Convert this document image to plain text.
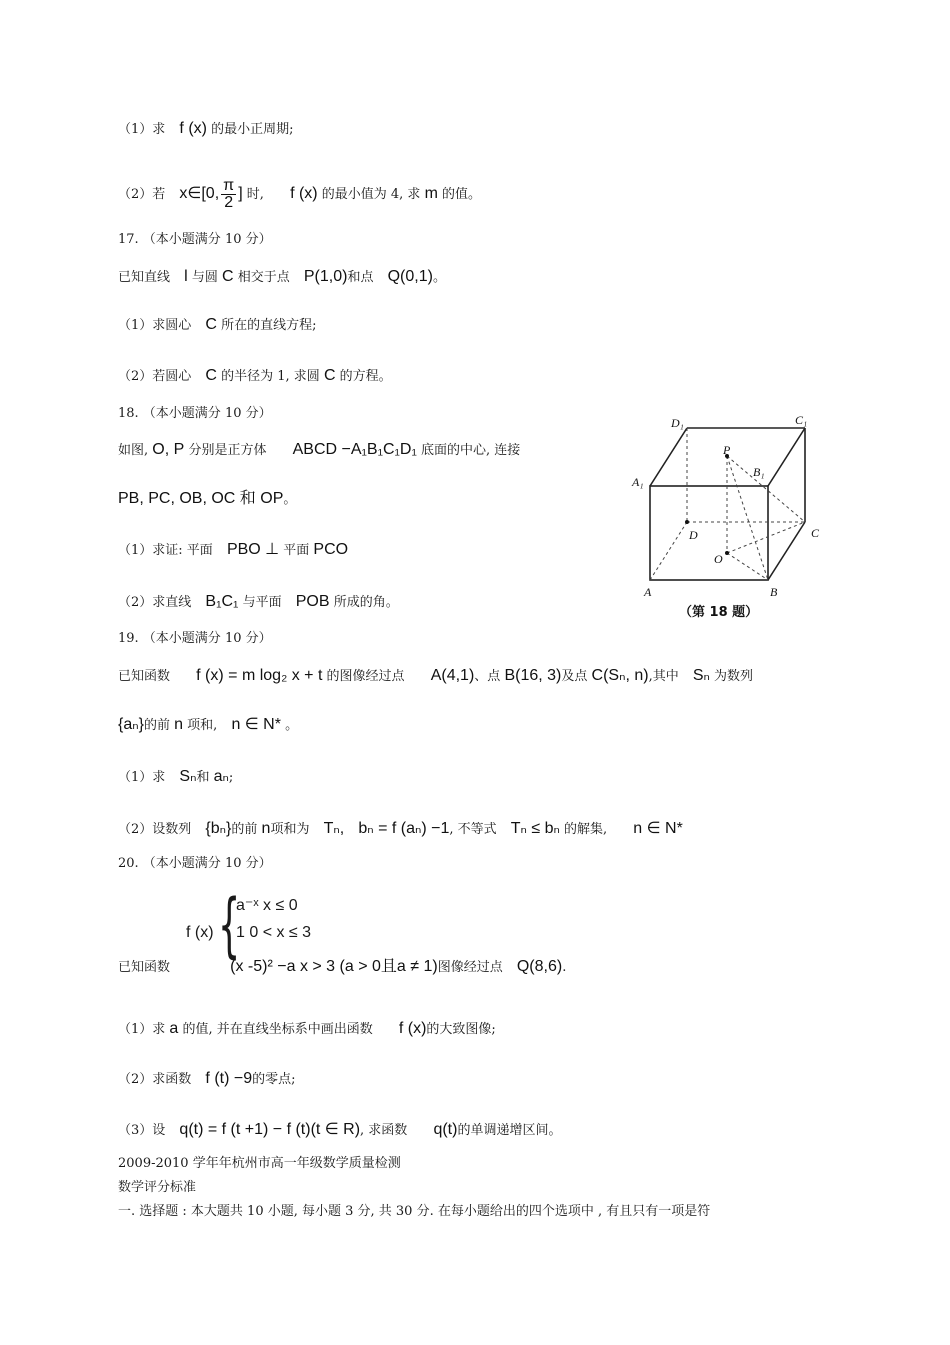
（1）求 f (x) 的最小正周期;
（2）若 x∈[0, $\frac{\pi}{2}$ ] 时, f (x) 的最小值为 4, 求 m 的值。
17. （本小题满分 10 分）
已知直线 l 与圆 C 相交于点 P(1,0)和点 Q(0,1)。
（1）求圆心 C 所在的直线方程;
（2）若圆心 C 的半径为 1, 求圆 C 的方程。
18. （本小题满分 10 分）
如图, O, P 分别是正方体 ABCD −A₁B₁C₁D₁ 底面的中心, 连接
PB, PC, OB, OC 和 OP。
（1）求证: 平面 PBO ⊥ 平面 PCO
（2）求直线 B₁C₁ 与平面 POB 所成的角。
D₁	C₁
A₁
P
B₁
D	C
O
A	B
（第 18 题）
19. （本小题满分 10 分）
已知函数 f (x) = m log₂ x + t 的图像经过点 A(4,1)、点 B(16, 3)及点 C(Sₙ, n),其中 Sₙ 为数列
{aₙ}的前 n 项和, n ∈ N* 。
（1）求 Sₙ和 aₙ;
（2）设数列 {bₙ}的前 n项和为 Tₙ, bₙ = f (aₙ) −1, 不等式 Tₙ ≤ bₙ 的解集, n ∈ N*
20. （本小题满分 10 分）
f (x) {
a⁻ˣ x ≤ 0
1 0 < x ≤ 3
已知函数	(x -5)² −a x > 3 (a > 0且a ≠ 1)图像经过点 Q(8,6).
（1）求 a 的值, 并在直线坐标系中画出函数 f (x)的大致图像;
（2）求函数 f (t) −9的零点;
（3）设 q(t) = f (t +1) − f (t)(t ∈ R), 求函数 q(t)的单调递增区间。
2009-2010 学年年杭州市高一年级数学质量检测
数学评分标准
一. 选择题 : 本大题共 10 小题, 每小题 3 分, 共 30 分. 在每小题给出的四个选项中 , 有且只有一项是符
